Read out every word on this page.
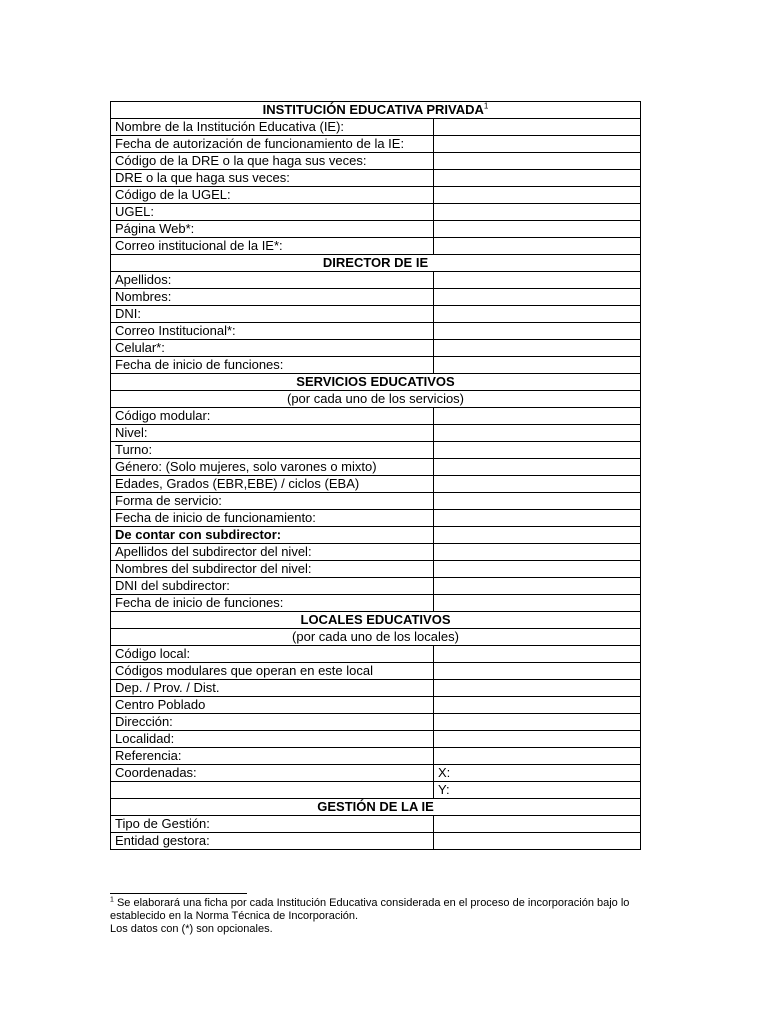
INSTITUCIÓN EDUCATIVA PRIVADA$^1$
Nombre de la Institución Educativa (IE):	
Fecha de autorización de funcionamiento de la IE:	
Código de la DRE o la que haga sus veces:	
DRE o la que haga sus veces:	
Código de la UGEL:	
UGEL:	
Página Web*:	
Correo institucional de la IE*:	
DIRECTOR DE IE	
Apellidos:	
Nombres:	
DNI:	
Correo Institucional*:	
Celular*:	
Fecha de inicio de funciones:	
SERVICIOS EDUCATIVOS	
(por cada uno de los servicios)	
Código modular:	
Nivel:	
Turno:	
Género: (Solo mujeres, solo varones o mixto)	
Edades, Grados (EBR,EBE) / ciclos (EBA)	
Forma de servicio:	
Fecha de inicio de funcionamiento:	
De contar con subdirector:	
Apellidos del subdirector del nivel:	
Nombres del subdirector del nivel:	
DNI del subdirector:	
Fecha de inicio de funciones:	
LOCALES EDUCATIVOS	
(por cada uno de los locales)	
Código local:	
Códigos modulares que operan en este local	
Dep. / Prov. / Dist.	
Centro Poblado	
Dirección:	
Localidad:	
Referencia:	
Coordenadas:	X:
	Y:
GESTIÓN DE LA IE	
Tipo de Gestión:	
Entidad gestora:	

$^1$ Se elaborará una ficha por cada Institución Educativa considerada en el proceso de incorporación bajo lo establecido en la Norma Técnica de Incorporación.

Los datos con (*) son opcionales.
